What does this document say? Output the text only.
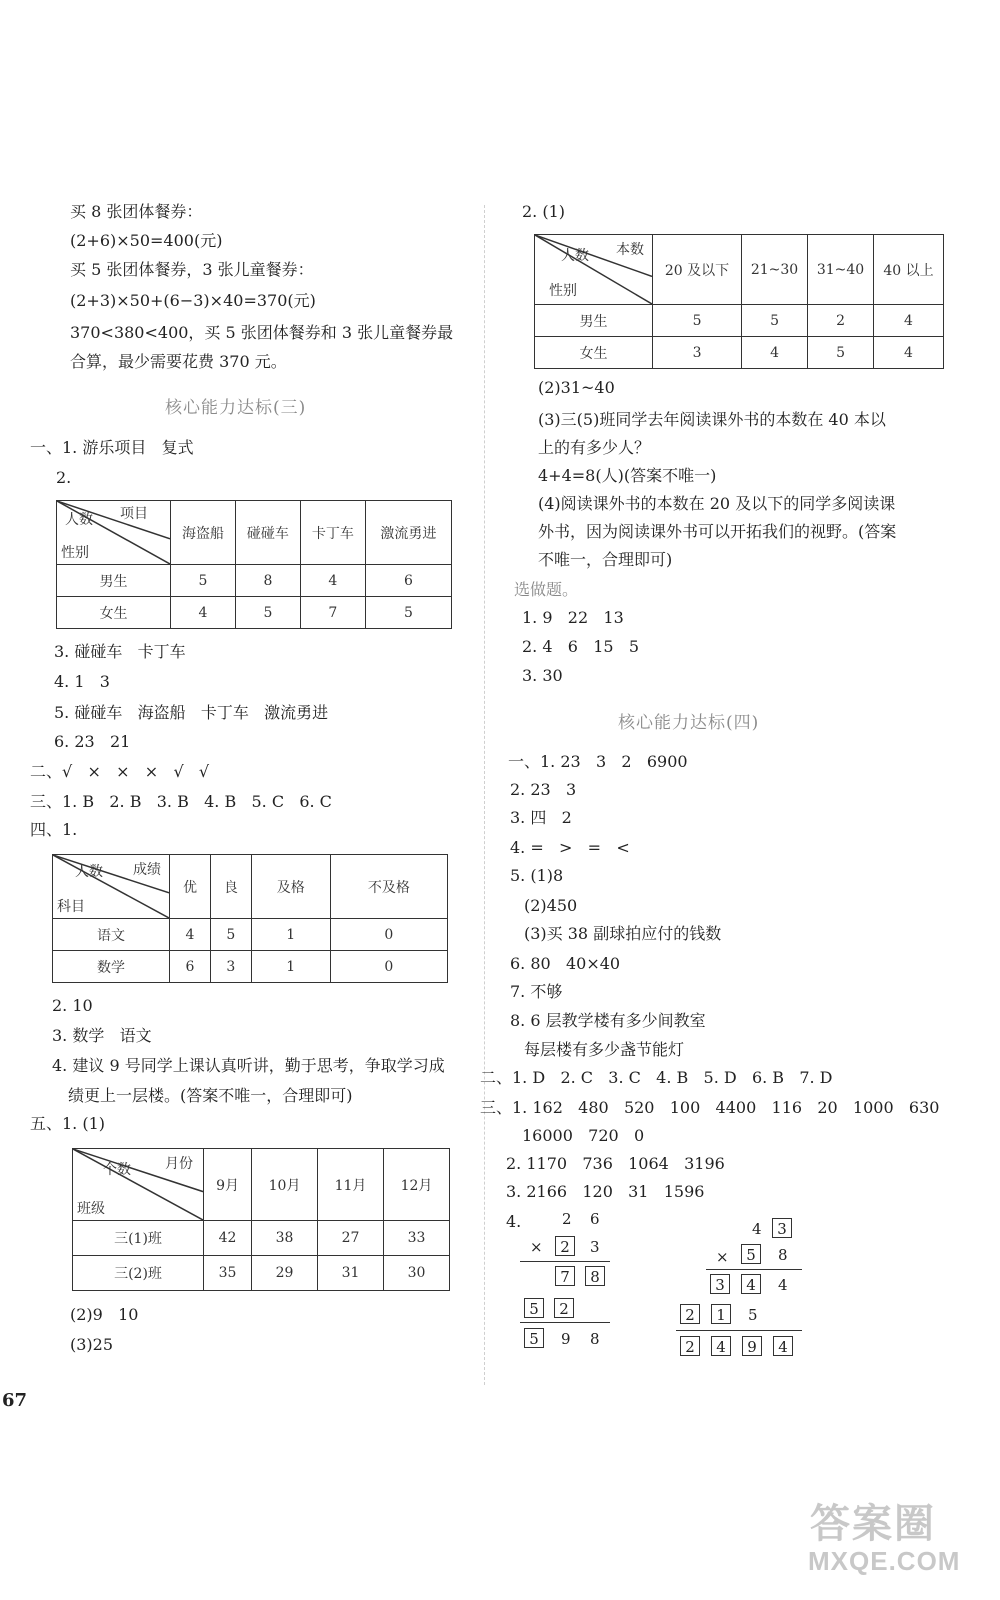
买 8 张团体餐券：
(2+6)×50=400(元)
买 5 张团体餐券，3 张儿童餐券：
(2+3)×50+(6−3)×40=370(元)
370<380<400，买 5 张团体餐券和 3 张儿童餐券最
合算，最少需要花费 370 元。
核心能力达标(三)
一、1. 游乐项目   复式
2.
项目
人数
性别	海盗船	碰碰车	卡丁车	激流勇进
男生	5	8	4	6
女生	4	5	7	5
3. 碰碰车   卡丁车
4. 1   3
5. 碰碰车   海盗船   卡丁车   激流勇进
6. 23   21
二、√   ×   ×   ×   √   √
三、1. B   2. B   3. B   4. B   5. C   6. C
四、1.
成绩
人数
科目	优	良	及格	不及格
语文	4	5	1	0
数学	6	3	1	0
2. 10
3. 数学   语文
4. 建议 9 号同学上课认真听讲，勤于思考，争取学习成
绩更上一层楼。(答案不唯一，合理即可)
五、1. (1)
月份
个数
班级	9月	10月	11月	12月
三(1)班	42	38	27	33
三(2)班	35	29	31	30
(2)9   10
(3)25
67
2. (1)
本数
人数
性别	20 及以下	21~30	31~40	40 以上
男生	5	5	2	4
女生	3	4	5	4
(2)31~40
(3)三(5)班同学去年阅读课外书的本数在 40 本以
上的有多少人？
4+4=8(人)(答案不唯一)
(4)阅读课外书的本数在 20 及以下的同学多阅读课
外书，因为阅读课外书可以开拓我们的视野。(答案
不唯一，合理即可)
选做题。
1. 9   22   13
2. 4   6   15   5
3. 30
核心能力达标(四)
一、1. 23   3   2   6900
2. 23   3
3. 四   2
4. =   >   =   <
5. (1)8
(2)450
(3)买 38 副球拍应付的钱数
6. 80   40×40
7. 不够
8. 6 层教学楼有多少间教室
每层楼有多少盏节能灯
二、1. D   2. C   3. C   4. B   5. D   6. B   7. D
三、1. 162   480   520   100   4400   116   20   1000   630
16000   720   0
2. 1170   736   1064   3196
3. 2166   120   31   1596
4.	2 6
×	2	3
7	8
5	2
5	9 8
4	3
×	5	8
3	4	4
2	1	5
2	4	9	4
答案圈
MXQE.COM
